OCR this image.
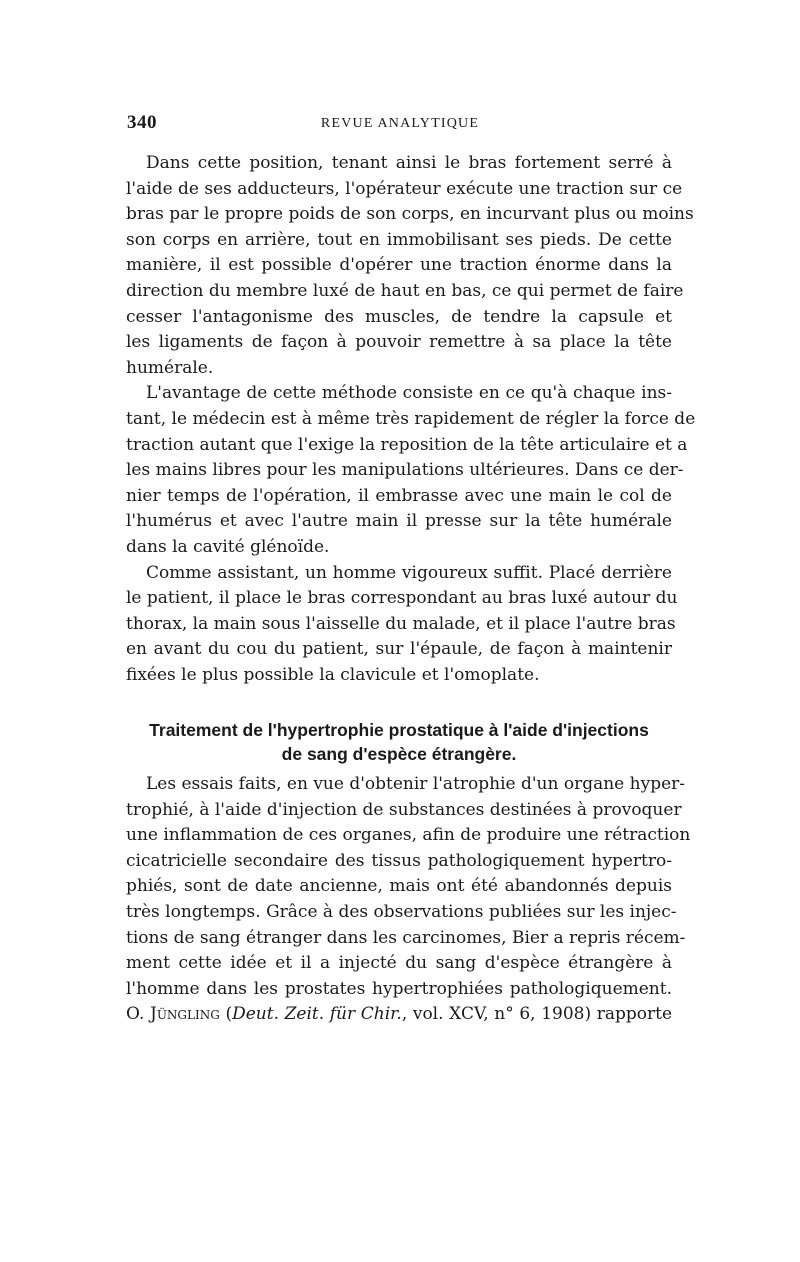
340	REVUE ANALYTIQUE
Dans cette position, tenant ainsi le bras fortement serré à
l'aide de ses adducteurs, l'opérateur exécute une traction sur ce
bras par le propre poids de son corps, en incurvant plus ou moins
son corps en arrière, tout en immobilisant ses pieds. De cette
manière, il est possible d'opérer une traction énorme dans la
direction du membre luxé de haut en bas, ce qui permet de faire
cesser l'antagonisme des muscles, de tendre la capsule et
les ligaments de façon à pouvoir remettre à sa place la tête
humérale.
L'avantage de cette méthode consiste en ce qu'à chaque ins-
tant, le médecin est à même très rapidement de régler la force de
traction autant que l'exige la reposition de la tête articulaire et a
les mains libres pour les manipulations ultérieures. Dans ce der-
nier temps de l'opération, il embrasse avec une main le col de
l'humérus et avec l'autre main il presse sur la tête humérale
dans la cavité glénoïde.
Comme assistant, un homme vigoureux suffit. Placé derrière
le patient, il place le bras correspondant au bras luxé autour du
thorax, la main sous l'aisselle du malade, et il place l'autre bras
en avant du cou du patient, sur l'épaule, de façon à maintenir
fixées le plus possible la clavicule et l'omoplate.
Traitement de l'hypertrophie prostatique à l'aide d'injections
de sang d'espèce étrangère.
Les essais faits, en vue d'obtenir l'atrophie d'un organe hyper-
trophié, à l'aide d'injection de substances destinées à provoquer
une inflammation de ces organes, afin de produire une rétraction
cicatricielle secondaire des tissus pathologiquement hypertro-
phiés, sont de date ancienne, mais ont été abandonnés depuis
très longtemps. Grâce à des observations publiées sur les injec-
tions de sang étranger dans les carcinomes, Bier a repris récem-
ment cette idée et il a injecté du sang d'espèce étrangère à
l'homme dans les prostates hypertrophiées pathologiquement.
O. Jüngling (Deut. Zeit. für Chir., vol. XCV, n° 6, 1908) rapporte
